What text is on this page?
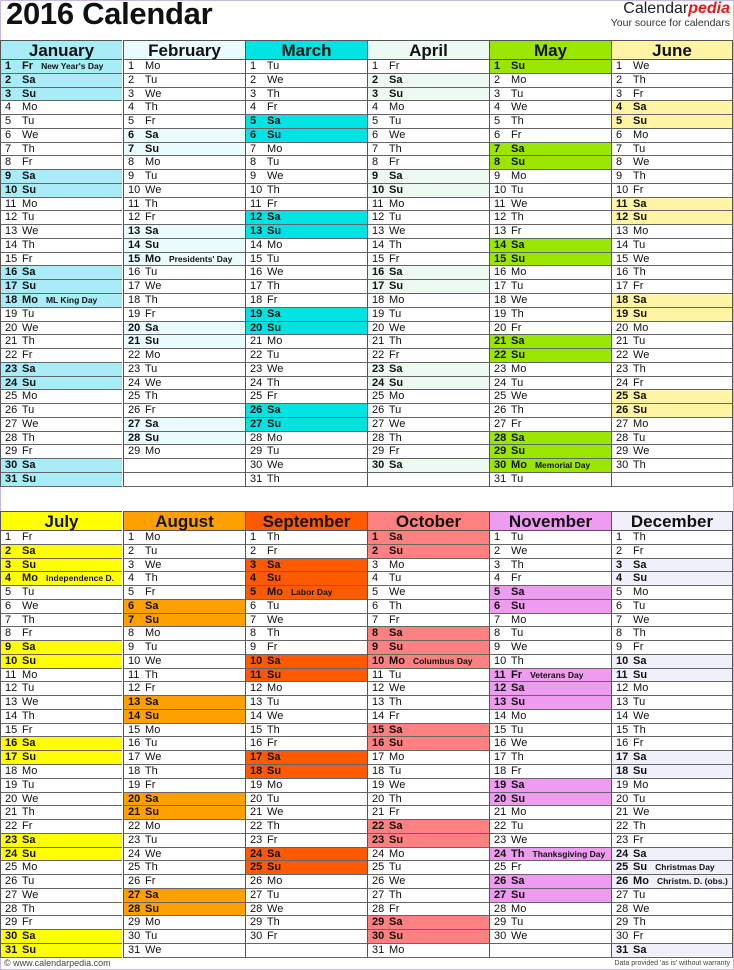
2016 Calendar	Calendarpedia
Your source for calendars
January
1 Fr New Year's Day
2 Sa
3 Su
4 Mo
5 Tu
6 We
7 Th
8 Fr
9 Sa
10 Su
11 Mo
12 Tu
13 We
14 Th
15 Fr
16 Sa
17 Su
18 Mo ML King Day
19 Tu
20 We
21 Th
22 Fr
23 Sa
24 Su
25 Mo
26 Tu
27 We
28 Th
29 Fr
30 Sa
31 Su
February
1 Mo
2 Tu
3 We
4 Th
5 Fr
6 Sa
7 Su
8 Mo
9 Tu
10 We
11 Th
12 Fr
13 Sa
14 Su
15 Mo Presidents' Day
16 Tu
17 We
18 Th
19 Fr
20 Sa
21 Su
22 Mo
23 Tu
24 We
25 Th
26 Fr
27 Sa
28 Su
29 Mo
March
1 Tu
2 We
3 Th
4 Fr
5 Sa
6 Su
7 Mo
8 Tu
9 We
10 Th
11 Fr
12 Sa
13 Su
14 Mo
15 Tu
16 We
17 Th
18 Fr
19 Sa
20 Su
21 Mo
22 Tu
23 We
24 Th
25 Fr
26 Sa
27 Su
28 Mo
29 Tu
30 We
31 Th
April
1 Fr
2 Sa
3 Su
4 Mo
5 Tu
6 We
7 Th
8 Fr
9 Sa
10 Su
11 Mo
12 Tu
13 We
14 Th
15 Fr
16 Sa
17 Su
18 Mo
19 Tu
20 We
21 Th
22 Fr
23 Sa
24 Su
25 Mo
26 Tu
27 We
28 Th
29 Fr
30 Sa
May
1 Su
2 Mo
3 Tu
4 We
5 Th
6 Fr
7 Sa
8 Su
9 Mo
10 Tu
11 We
12 Th
13 Fr
14 Sa
15 Su
16 Mo
17 Tu
18 We
19 Th
20 Fr
21 Sa
22 Su
23 Mo
24 Tu
25 We
26 Th
27 Fr
28 Sa
29 Su
30 Mo Memorial Day
31 Tu
June
1 We
2 Th
3 Fr
4 Sa
5 Su
6 Mo
7 Tu
8 We
9 Th
10 Fr
11 Sa
12 Su
13 Mo
14 Tu
15 We
16 Th
17 Fr
18 Sa
19 Su
20 Mo
21 Tu
22 We
23 Th
24 Fr
25 Sa
26 Su
27 Mo
28 Tu
29 We
30 Th
July
1 Fr
2 Sa
3 Su
4 Mo Independence D.
5 Tu
6 We
7 Th
8 Fr
9 Sa
10 Su
11 Mo
12 Tu
13 We
14 Th
15 Fr
16 Sa
17 Su
18 Mo
19 Tu
20 We
21 Th
22 Fr
23 Sa
24 Su
25 Mo
26 Tu
27 We
28 Th
29 Fr
30 Sa
31 Su
August
1 Mo
2 Tu
3 We
4 Th
5 Fr
6 Sa
7 Su
8 Mo
9 Tu
10 We
11 Th
12 Fr
13 Sa
14 Su
15 Mo
16 Tu
17 We
18 Th
19 Fr
20 Sa
21 Su
22 Mo
23 Tu
24 We
25 Th
26 Fr
27 Sa
28 Su
29 Mo
30 Tu
31 We
September
1 Th
2 Fr
3 Sa
4 Su
5 Mo Labor Day
6 Tu
7 We
8 Th
9 Fr
10 Sa
11 Su
12 Mo
13 Tu
14 We
15 Th
16 Fr
17 Sa
18 Su
19 Mo
20 Tu
21 We
22 Th
23 Fr
24 Sa
25 Su
26 Mo
27 Tu
28 We
29 Th
30 Fr
October
1 Sa
2 Su
3 Mo
4 Tu
5 We
6 Th
7 Fr
8 Sa
9 Su
10 Mo Columbus Day
11 Tu
12 We
13 Th
14 Fr
15 Sa
16 Su
17 Mo
18 Tu
19 We
20 Th
21 Fr
22 Sa
23 Su
24 Mo
25 Tu
26 We
27 Th
28 Fr
29 Sa
30 Su
31 Mo
November
1 Tu
2 We
3 Th
4 Fr
5 Sa
6 Su
7 Mo
8 Tu
9 We
10 Th
11 Fr Veterans Day
12 Sa
13 Su
14 Mo
15 Tu
16 We
17 Th
18 Fr
19 Sa
20 Su
21 Mo
22 Tu
23 We
24 Th Thanksgiving Day
25 Fr
26 Sa
27 Su
28 Mo
29 Tu
30 We
December
1 Th
2 Fr
3 Sa
4 Su
5 Mo
6 Tu
7 We
8 Th
9 Fr
10 Sa
11 Su
12 Mo
13 Tu
14 We
15 Th
16 Fr
17 Sa
18 Su
19 Mo
20 Tu
21 We
22 Th
23 Fr
24 Sa
25 Su Christmas Day
26 Mo Christm. D. (obs.)
27 Tu
28 We
29 Th
30 Fr
31 Sa
© www.calendarpedia.com	Data provided 'as is' without warranty
